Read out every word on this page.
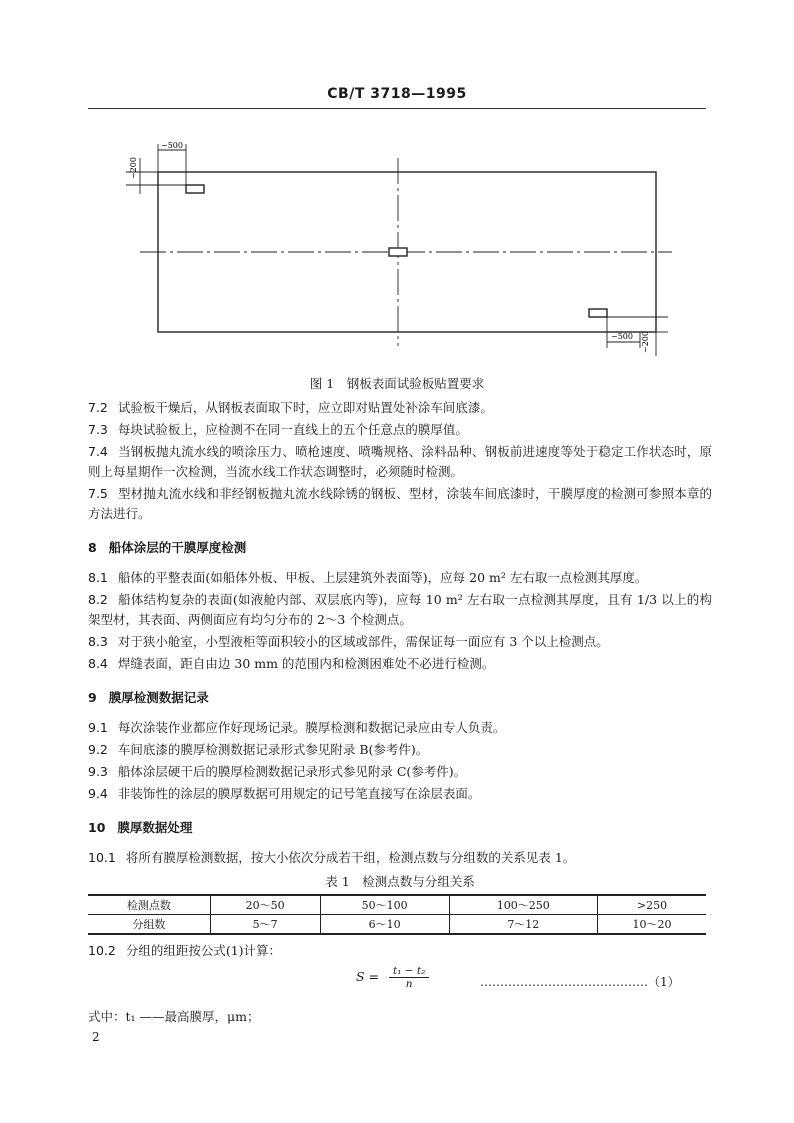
CB/T 3718—1995
~500
~200
~500 ~200
图 1　钢板表面试验板贴置要求

7.2 试验板干燥后，从钢板表面取下时，应立即对贴置处补涂车间底漆。

7.3 每块试验板上，应检测不在同一直线上的五个任意点的膜厚值。

7.4 当钢板抛丸流水线的喷涂压力、喷枪速度、喷嘴规格、涂料品种、钢板前进速度等处于稳定工作状态时，原则上每星期作一次检测，当流水线工作状态调整时，必须随时检测。

7.5 型材抛丸流水线和非经钢板抛丸流水线除锈的钢板、型材，涂装车间底漆时，干膜厚度的检测可参照本章的方法进行。

8 船体涂层的干膜厚度检测

8.1 船体的平整表面(如船体外板、甲板、上层建筑外表面等)，应每 20 m² 左右取一点检测其厚度。

8.2 船体结构复杂的表面(如液舱内部、双层底内等)，应每 10 m² 左右取一点检测其厚度，且有 1/3 以上的构架型材，其表面、两侧面应有均匀分布的 2～3 个检测点。

8.3 对于狭小舱室，小型液柜等面积较小的区域或部件，需保证每一面应有 3 个以上检测点。

8.4 焊缝表面，距自由边 30 mm 的范围内和检测困难处不必进行检测。

9 膜厚检测数据记录

9.1 每次涂装作业都应作好现场记录。膜厚检测和数据记录应由专人负责。

9.2 车间底漆的膜厚检测数据记录形式参见附录 B(参考件)。

9.3 船体涂层硬干后的膜厚检测数据记录形式参见附录 C(参考件)。

9.4 非装饰性的涂层的膜厚数据可用规定的记号笔直接写在涂层表面。

10 膜厚数据处理

10.1 将所有膜厚检测数据，按大小依次分成若干组，检测点数与分组数的关系见表 1。

表 1　检测点数与分组关系
检测点数	20～50	50～100	100～250	>250
分组数	5～7	6～10	7～12	10～20

10.2 分组的组距按公式(1)计算：

$S = \frac{\text{t₁ − t₂}}{n}$	……………………………………（1）
式中：t₁ ——最高膜厚，μm；
2
